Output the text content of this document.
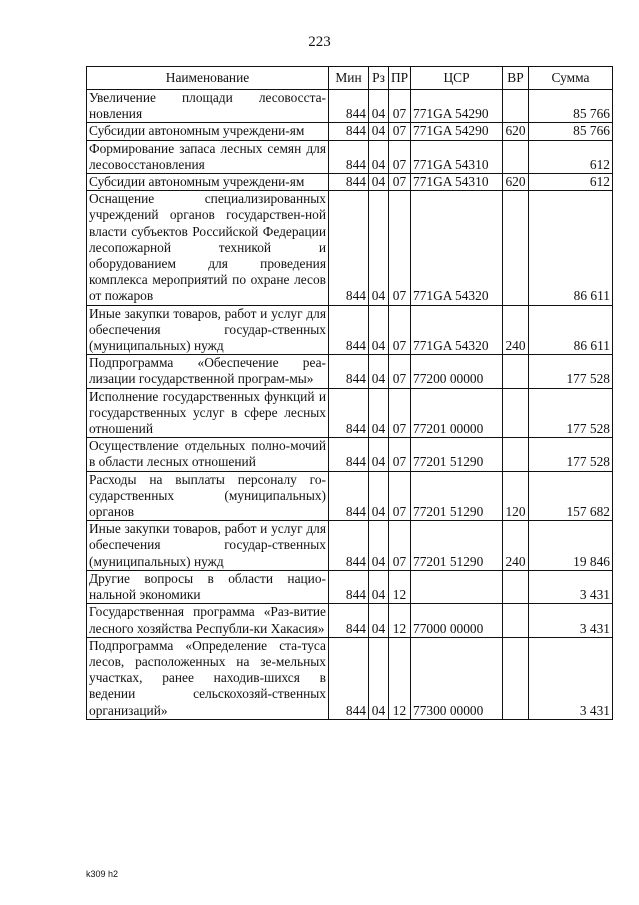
223
Наименование	Мин	Рз	ПР	ЦСР	ВР	Сумма
Увеличение площади лесовосста-новления	844	04	07	771GA 54290		85 766
Субсидии автономным учреждени-ям	844	04	07	771GA 54290	620	85 766
Формирование запаса лесных семян для лесовосстановления	844	04	07	771GA 54310		612
Субсидии автономным учреждени-ям	844	04	07	771GA 54310	620	612
Оснащение специализированных учреждений органов государствен-ной власти субъектов Российской Федерации лесопожарной техникой и оборудованием для проведения комплекса мероприятий по охране лесов от пожаров	844	04	07	771GA 54320		86 611
Иные закупки товаров, работ и услуг для обеспечения государ-ственных (муниципальных) нужд	844	04	07	771GA 54320	240	86 611
Подпрограмма «Обеспечение реа-лизации государственной програм-мы»	844	04	07	77200 00000		177 528
Исполнение государственных функций и государственных услуг в сфере лесных отношений	844	04	07	77201 00000		177 528
Осуществление отдельных полно-мочий в области лесных отношений	844	04	07	77201 51290		177 528
Расходы на выплаты персоналу го-сударственных (муниципальных) органов	844	04	07	77201 51290	120	157 682
Иные закупки товаров, работ и услуг для обеспечения государ-ственных (муниципальных) нужд	844	04	07	77201 51290	240	19 846
Другие вопросы в области нацио-нальной экономики	844	04	12			3 431
Государственная программа «Раз-витие лесного хозяйства Республи-ки Хакасия»	844	04	12	77000 00000		3 431
Подпрограмма «Определение ста-туса лесов, расположенных на зе-мельных участках, ранее находив-шихся в ведении сельскохозяй-ственных организаций»	844	04	12	77300 00000		3 431
k309 h2
